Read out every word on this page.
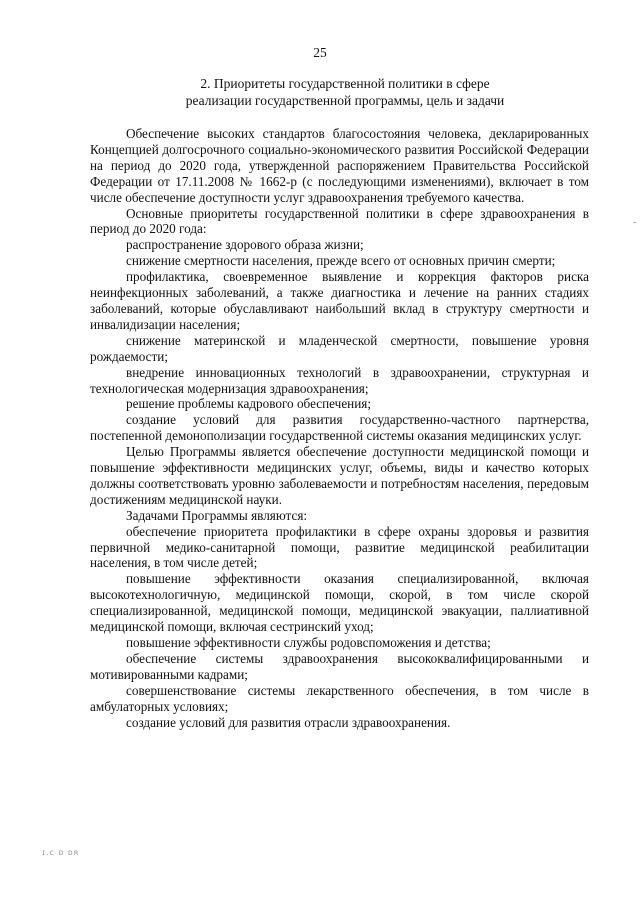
25
2. Приоритеты государственной политики в сфере
реализации государственной программы, цель и задачи

Обеспечение высоких стандартов благосостояния человека, декларированных Концепцией долгосрочного социально-экономического развития Российской Федерации на период до 2020 года, утвержденной распоряжением Правительства Российской Федерации от 17.11.2008 № 1662-р (с последующими изменениями), включает в том числе обеспечение доступности услуг здравоохранения требуемого качества.

Основные приоритеты государственной политики в сфере здравоохранения в период до 2020 года:

распространение здорового образа жизни;

снижение смертности населения, прежде всего от основных причин смерти;

профилактика, своевременное выявление и коррекция факторов риска неинфекционных заболеваний, а также диагностика и лечение на ранних стадиях заболеваний, которые обуславливают наибольший вклад в структуру смертности и инвалидизации населения;

снижение материнской и младенческой смертности, повышение уровня рождаемости;

внедрение инновационных технологий в здравоохранении, структурная и технологическая модернизация здравоохранения;

решение проблемы кадрового обеспечения;

создание условий для развития государственно-частного партнерства, постепенной демонополизации государственной системы оказания медицинских услуг.

Целью Программы является обеспечение доступности медицинской помощи и повышение эффективности медицинских услуг, объемы, виды и качество которых должны соответствовать уровню заболеваемости и потребностям населения, передовым достижениям медицинской науки.

Задачами Программы являются:

обеспечение приоритета профилактики в сфере охраны здоровья и развития первичной медико-санитарной помощи, развитие медицинской реабилитации населения, в том числе детей;

повышение эффективности оказания специализированной, включая высокотехнологичную, медицинской помощи, скорой, в том числе скорой специализированной, медицинской помощи, медицинской эвакуации, паллиативной медицинской помощи, включая сестринский уход;

повышение эффективности службы родовспоможения и детства;

обеспечение системы здравоохранения высококвалифицированными и мотивированными кадрами;

совершенствование системы лекарственного обеспечения, в том числе в амбулаторных условиях;

создание условий для развития отрасли здравоохранения.

ɪ.ᴄ ᴅ ᴅʀ
